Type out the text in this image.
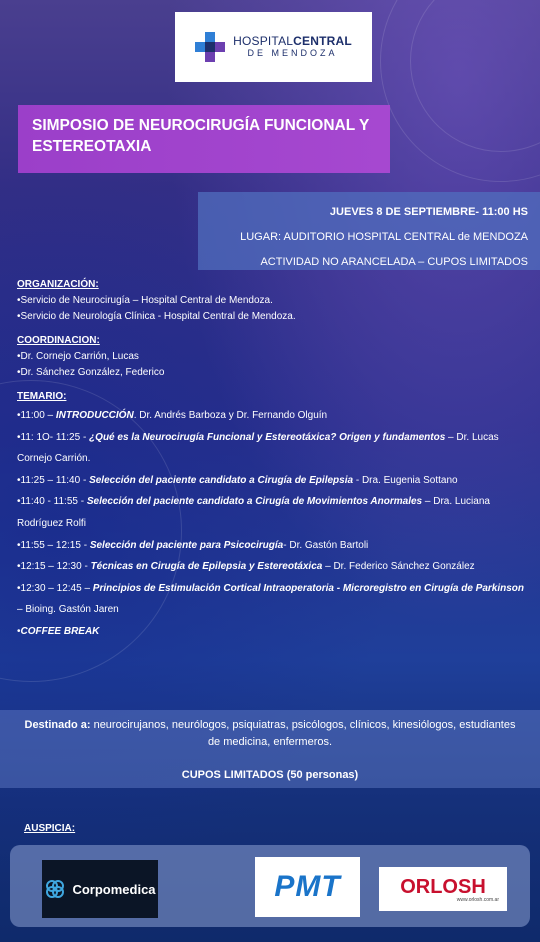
HOSPITALCENTRAL
DE MENDOZA
SIMPOSIO DE NEUROCIRUGÍA FUNCIONAL Y ESTEREOTAXIA
JUEVES 8 DE SEPTIEMBRE- 11:00 HS
LUGAR: AUDITORIO HOSPITAL CENTRAL de MENDOZA
ACTIVIDAD NO ARANCELADA – CUPOS LIMITADOS
ORGANIZACIÓN:
•Servicio de Neurocirugía – Hospital Central de Mendoza.
•Servicio de Neurología Clínica - Hospital Central de Mendoza.
COORDINACION:
•Dr. Cornejo Carrión, Lucas
•Dr. Sánchez González, Federico
TEMARIO:
•11:00 – INTRODUCCIÓN. Dr. Andrés Barboza y Dr. Fernando Olguín
•11: 1O- 11:25 - ¿Qué es la Neurocirugía Funcional y Estereotáxica? Origen y fundamentos – Dr. Lucas Cornejo Carrión.
•11:25 – 11:40 - Selección del paciente candidato a Cirugía de Epilepsia - Dra. Eugenia Sottano
•11:40 - 11:55 - Selección del paciente candidato a Cirugía de Movimientos Anormales – Dra. Luciana Rodríguez Rolfi
•11:55 – 12:15 - Selección del paciente para Psicocirugía- Dr. Gastón Bartoli
•12:15 – 12:30 - Técnicas en Cirugía de Epilepsia y Estereotáxica – Dr. Federico Sánchez González
•12:30 – 12:45 – Principios de Estimulación Cortical Intraoperatoria - Microregistro en Cirugía de Parkinson – Bioing. Gastón Jaren
•COFFEE BREAK
Destinado a: neurocirujanos, neurólogos, psiquiatras, psicólogos, clínicos, kinesiólogos, estudiantes de medicina, enfermeros.
CUPOS LIMITADOS (50 personas)
AUSPICIA:
Corpomedica	PMT	ORLOSH
www.orlosh.com.ar
